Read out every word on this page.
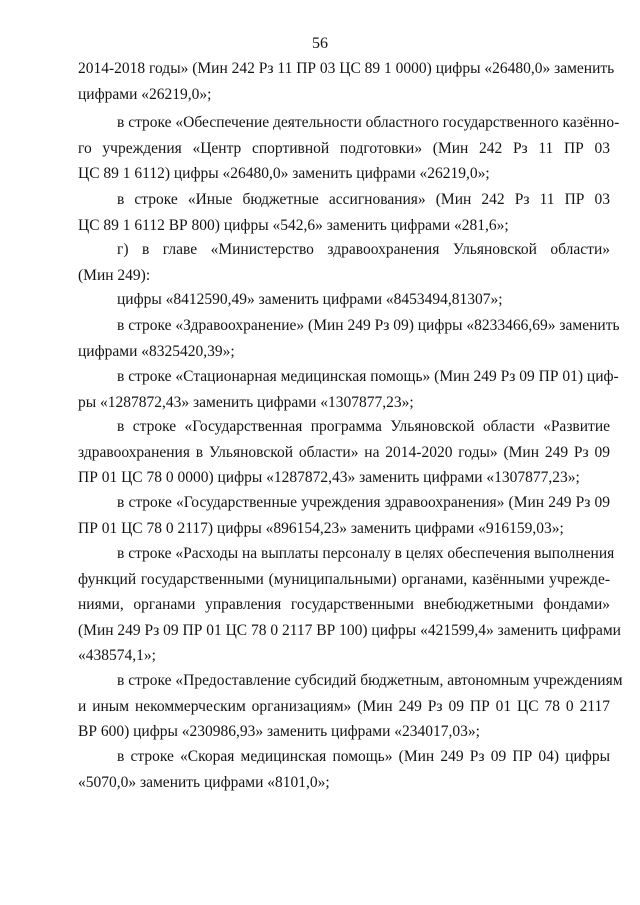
56
2014-2018 годы» (Мин 242 Рз 11 ПР 03 ЦС 89 1 0000) цифры «26480,0» заменить
цифрами «26219,0»;
в строке «Обеспечение деятельности областного государственного казённо-
го учреждения «Центр спортивной подготовки» (Мин 242 Рз 11 ПР 03
ЦС 89 1 6112) цифры «26480,0» заменить цифрами «26219,0»;
в строке «Иные бюджетные ассигнования» (Мин 242 Рз 11 ПР 03
ЦС 89 1 6112 ВР 800) цифры «542,6» заменить цифрами «281,6»;
г) в главе «Министерство здравоохранения Ульяновской области»
(Мин 249):
цифры «8412590,49» заменить цифрами «8453494,81307»;
в строке «Здравоохранение» (Мин 249 Рз 09) цифры «8233466,69» заменить
цифрами «8325420,39»;
в строке «Стационарная медицинская помощь» (Мин 249 Рз 09 ПР 01) циф-
ры «1287872,43» заменить цифрами «1307877,23»;
в строке «Государственная программа Ульяновской области «Развитие
здравоохранения в Ульяновской области» на 2014-2020 годы» (Мин 249 Рз 09
ПР 01 ЦС 78 0 0000) цифры «1287872,43» заменить цифрами «1307877,23»;
в строке «Государственные учреждения здравоохранения» (Мин 249 Рз 09
ПР 01 ЦС 78 0 2117) цифры «896154,23» заменить цифрами «916159,03»;
в строке «Расходы на выплаты персоналу в целях обеспечения выполнения
функций государственными (муниципальными) органами, казёнными учрежде-
ниями, органами управления государственными внебюджетными фондами»
(Мин 249 Рз 09 ПР 01 ЦС 78 0 2117 ВР 100) цифры «421599,4» заменить цифрами
«438574,1»;
в строке «Предоставление субсидий бюджетным, автономным учреждениям
и иным некоммерческим организациям» (Мин 249 Рз 09 ПР 01 ЦС 78 0 2117
ВР 600) цифры «230986,93» заменить цифрами «234017,03»;
в строке «Скорая медицинская помощь» (Мин 249 Рз 09 ПР 04) цифры
«5070,0» заменить цифрами «8101,0»;
